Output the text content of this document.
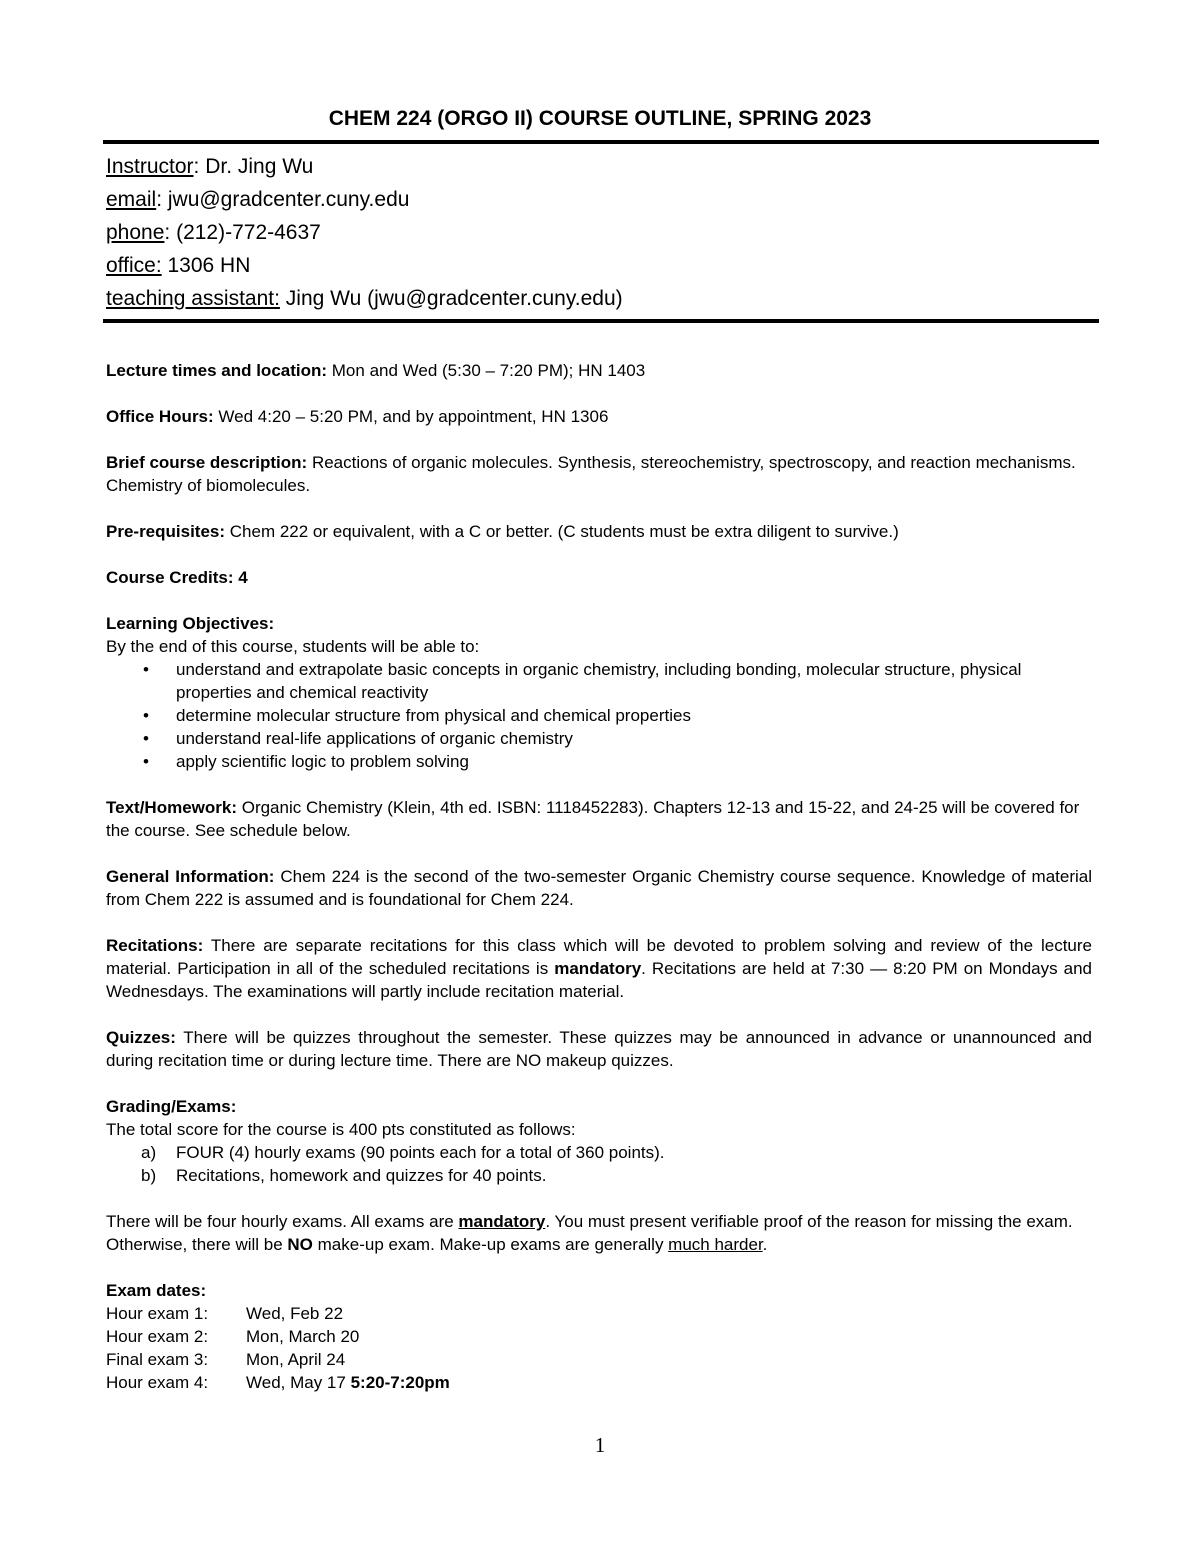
CHEM 224 (ORGO II) COURSE OUTLINE, SPRING 2023
Instructor: Dr. Jing Wu
email: jwu@gradcenter.cuny.edu
phone: (212)-772-4637
office: 1306 HN
teaching assistant: Jing Wu (jwu@gradcenter.cuny.edu)

Lecture times and location: Mon and Wed (5:30 – 7:20 PM); HN 1403

Office Hours: Wed 4:20 – 5:20 PM, and by appointment, HN 1306

Brief course description: Reactions of organic molecules. Synthesis, stereochemistry, spectroscopy, and reaction mechanisms. Chemistry of biomolecules.

Pre-requisites: Chem 222 or equivalent, with a C or better. (C students must be extra diligent to survive.)

Course Credits: 4

Learning Objectives:
By the end of this course, students will be able to:
• understand and extrapolate basic concepts in organic chemistry, including bonding, molecular structure, physical properties and chemical reactivity
• determine molecular structure from physical and chemical properties
• understand real-life applications of organic chemistry
• apply scientific logic to problem solving

Text/Homework: Organic Chemistry (Klein, 4th ed. ISBN: 1118452283). Chapters 12-13 and 15-22, and 24-25 will be covered for the course. See schedule below.

General Information: Chem 224 is the second of the two-semester Organic Chemistry course sequence. Knowledge of material from Chem 222 is assumed and is foundational for Chem 224.

Recitations: There are separate recitations for this class which will be devoted to problem solving and review of the lecture material. Participation in all of the scheduled recitations is mandatory. Recitations are held at 7:30 — 8:20 PM on Mondays and Wednesdays. The examinations will partly include recitation material.

Quizzes: There will be quizzes throughout the semester. These quizzes may be announced in advance or unannounced and during recitation time or during lecture time. There are NO makeup quizzes.

Grading/Exams:
The total score for the course is 400 pts constituted as follows:
a) FOUR (4) hourly exams (90 points each for a total of 360 points).
b) Recitations, homework and quizzes for 40 points.

There will be four hourly exams. All exams are mandatory. You must present verifiable proof of the reason for missing the exam. Otherwise, there will be NO make-up exam. Make-up exams are generally much harder.

Exam dates:
Hour exam 1:	Wed, Feb 22
Hour exam 2:	Mon, March 20
Final exam 3:	Mon, April 24
Hour exam 4:	Wed, May 17 5:20-7:20pm
1
